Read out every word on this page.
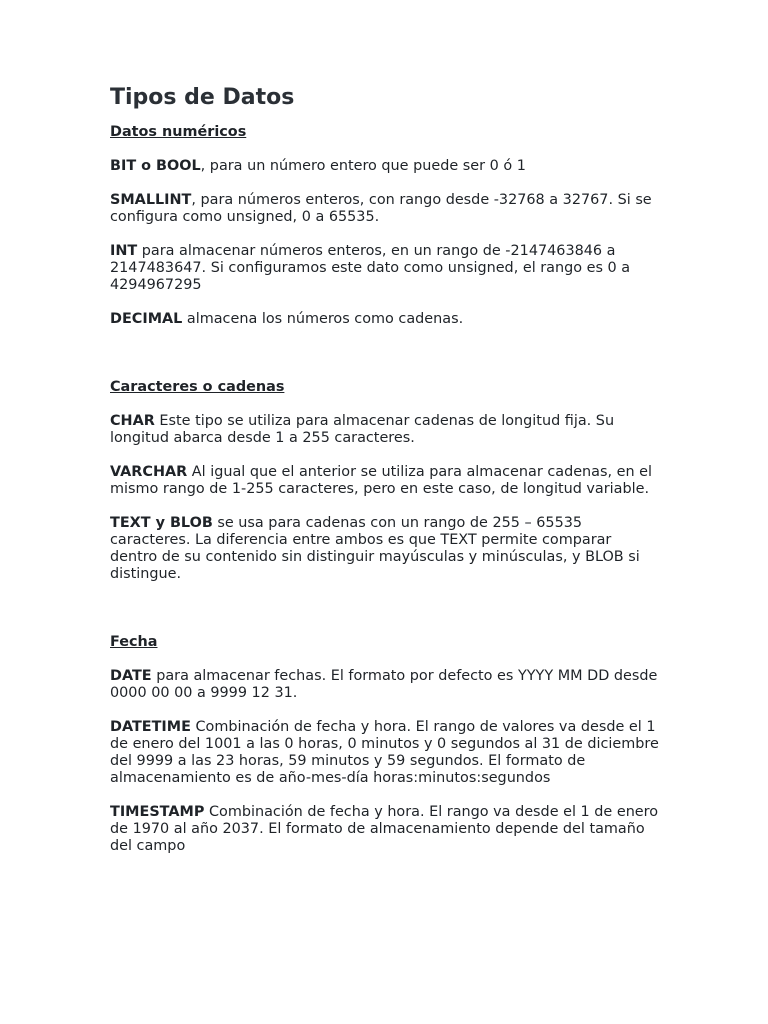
Tipos de Datos
Datos numéricos

BIT o BOOL, para un número entero que puede ser 0 ó 1

SMALLINT, para números enteros, con rango desde -32768 a 32767. Si se configura como unsigned, 0 a 65535.

INT para almacenar números enteros, en un rango de -2147463846 a 2147483647. Si configuramos este dato como unsigned, el rango es 0 a 4294967295

DECIMAL almacena los números como cadenas.

Caracteres o cadenas

CHAR Este tipo se utiliza para almacenar cadenas de longitud fija. Su longitud abarca desde 1 a 255 caracteres.

VARCHAR Al igual que el anterior se utiliza para almacenar cadenas, en el mismo rango de 1-255 caracteres, pero en este caso, de longitud variable.

TEXT y BLOB se usa para cadenas con un rango de 255 – 65535 caracteres. La diferencia entre ambos es que TEXT permite comparar dentro de su contenido sin distinguir mayúsculas y minúsculas, y BLOB si distingue.

Fecha

DATE para almacenar fechas. El formato por defecto es YYYY MM DD desde 0000 00 00 a 9999 12 31.

DATETIME Combinación de fecha y hora. El rango de valores va desde el 1 de enero del 1001 a las 0 horas, 0 minutos y 0 segundos al 31 de diciembre del 9999 a las 23 horas, 59 minutos y 59 segundos. El formato de almacenamiento es de año-mes-día horas:minutos:segundos

TIMESTAMP Combinación de fecha y hora. El rango va desde el 1 de enero de 1970 al año 2037. El formato de almacenamiento depende del tamaño del campo
